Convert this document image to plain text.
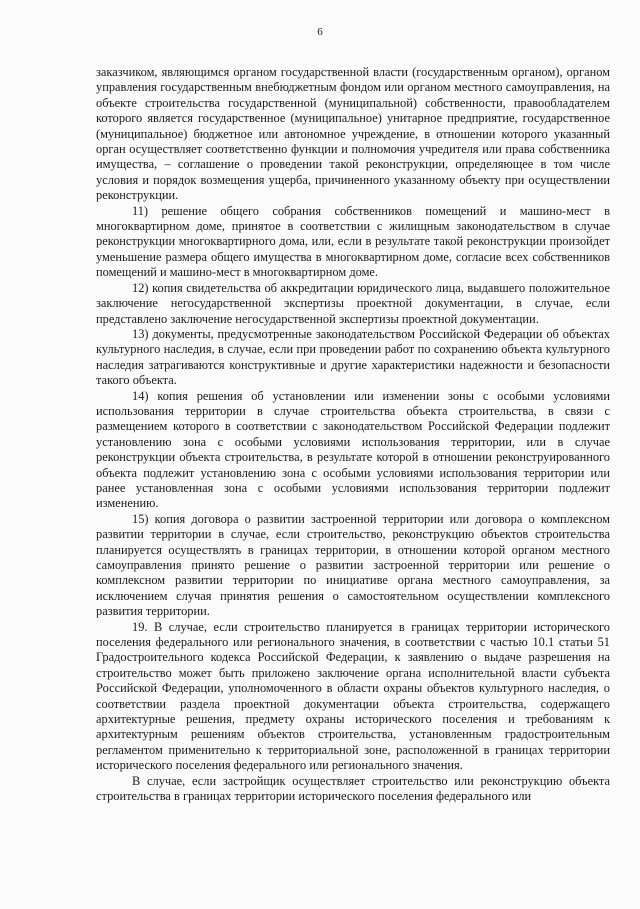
6

заказчиком, являющимся органом государственной власти (государственным органом), органом управления государственным внебюджетным фондом или органом местного самоуправления, на объекте строительства государственной (муниципальной) собственности, правообладателем которого является государственное (муниципальное) унитарное предприятие, государственное (муниципальное) бюджетное или автономное учреждение, в отношении которого указанный орган осуществляет соответственно функции и полномочия учредителя или права собственника имущества, – соглашение о проведении такой реконструкции, определяющее в том числе условия и порядок возмещения ущерба, причиненного указанному объекту при осуществлении реконструкции.

11) решение общего собрания собственников помещений и машино-мест в многоквартирном доме, принятое в соответствии с жилищным законодательством в случае реконструкции многоквартирного дома, или, если в результате такой реконструкции произойдет уменьшение размера общего имущества в многоквартирном доме, согласие всех собственников помещений и машино-мест в многоквартирном доме.

12) копия свидетельства об аккредитации юридического лица, выдавшего положительное заключение негосударственной экспертизы проектной документации, в случае, если представлено заключение негосударственной экспертизы проектной документации.

13) документы, предусмотренные законодательством Российской Федерации об объектах культурного наследия, в случае, если при проведении работ по сохранению объекта культурного наследия затрагиваются конструктивные и другие характеристики надежности и безопасности такого объекта.

14) копия решения об установлении или изменении зоны с особыми условиями использования территории в случае строительства объекта строительства, в связи с размещением которого в соответствии с законодательством Российской Федерации подлежит установлению зона с особыми условиями использования территории, или в случае реконструкции объекта строительства, в результате которой в отношении реконструированного объекта подлежит установлению зона с особыми условиями использования территории или ранее установленная зона с особыми условиями использования территории подлежит изменению.

15) копия договора о развитии застроенной территории или договора о комплексном развитии территории в случае, если строительство, реконструкцию объектов строительства планируется осуществлять в границах территории, в отношении которой органом местного самоуправления принято решение о развитии застроенной территории или решение о комплексном развитии территории по инициативе органа местного самоуправления, за исключением случая принятия решения о самостоятельном осуществлении комплексного развития территории.

19. В случае, если строительство планируется в границах территории исторического поселения федерального или регионального значения, в соответствии с частью 10.1 статьи 51 Градостроительного кодекса Российской Федерации, к заявлению о выдаче разрешения на строительство может быть приложено заключение органа исполнительной власти субъекта Российской Федерации, уполномоченного в области охраны объектов культурного наследия, о соответствии раздела проектной документации объекта строительства, содержащего архитектурные решения, предмету охраны исторического поселения и требованиям к архитектурным решениям объектов строительства, установленным градостроительным регламентом применительно к территориальной зоне, расположенной в границах территории исторического поселения федерального или регионального значения.

В случае, если застройщик осуществляет строительство или реконструкцию объекта строительства в границах территории исторического поселения федерального или
